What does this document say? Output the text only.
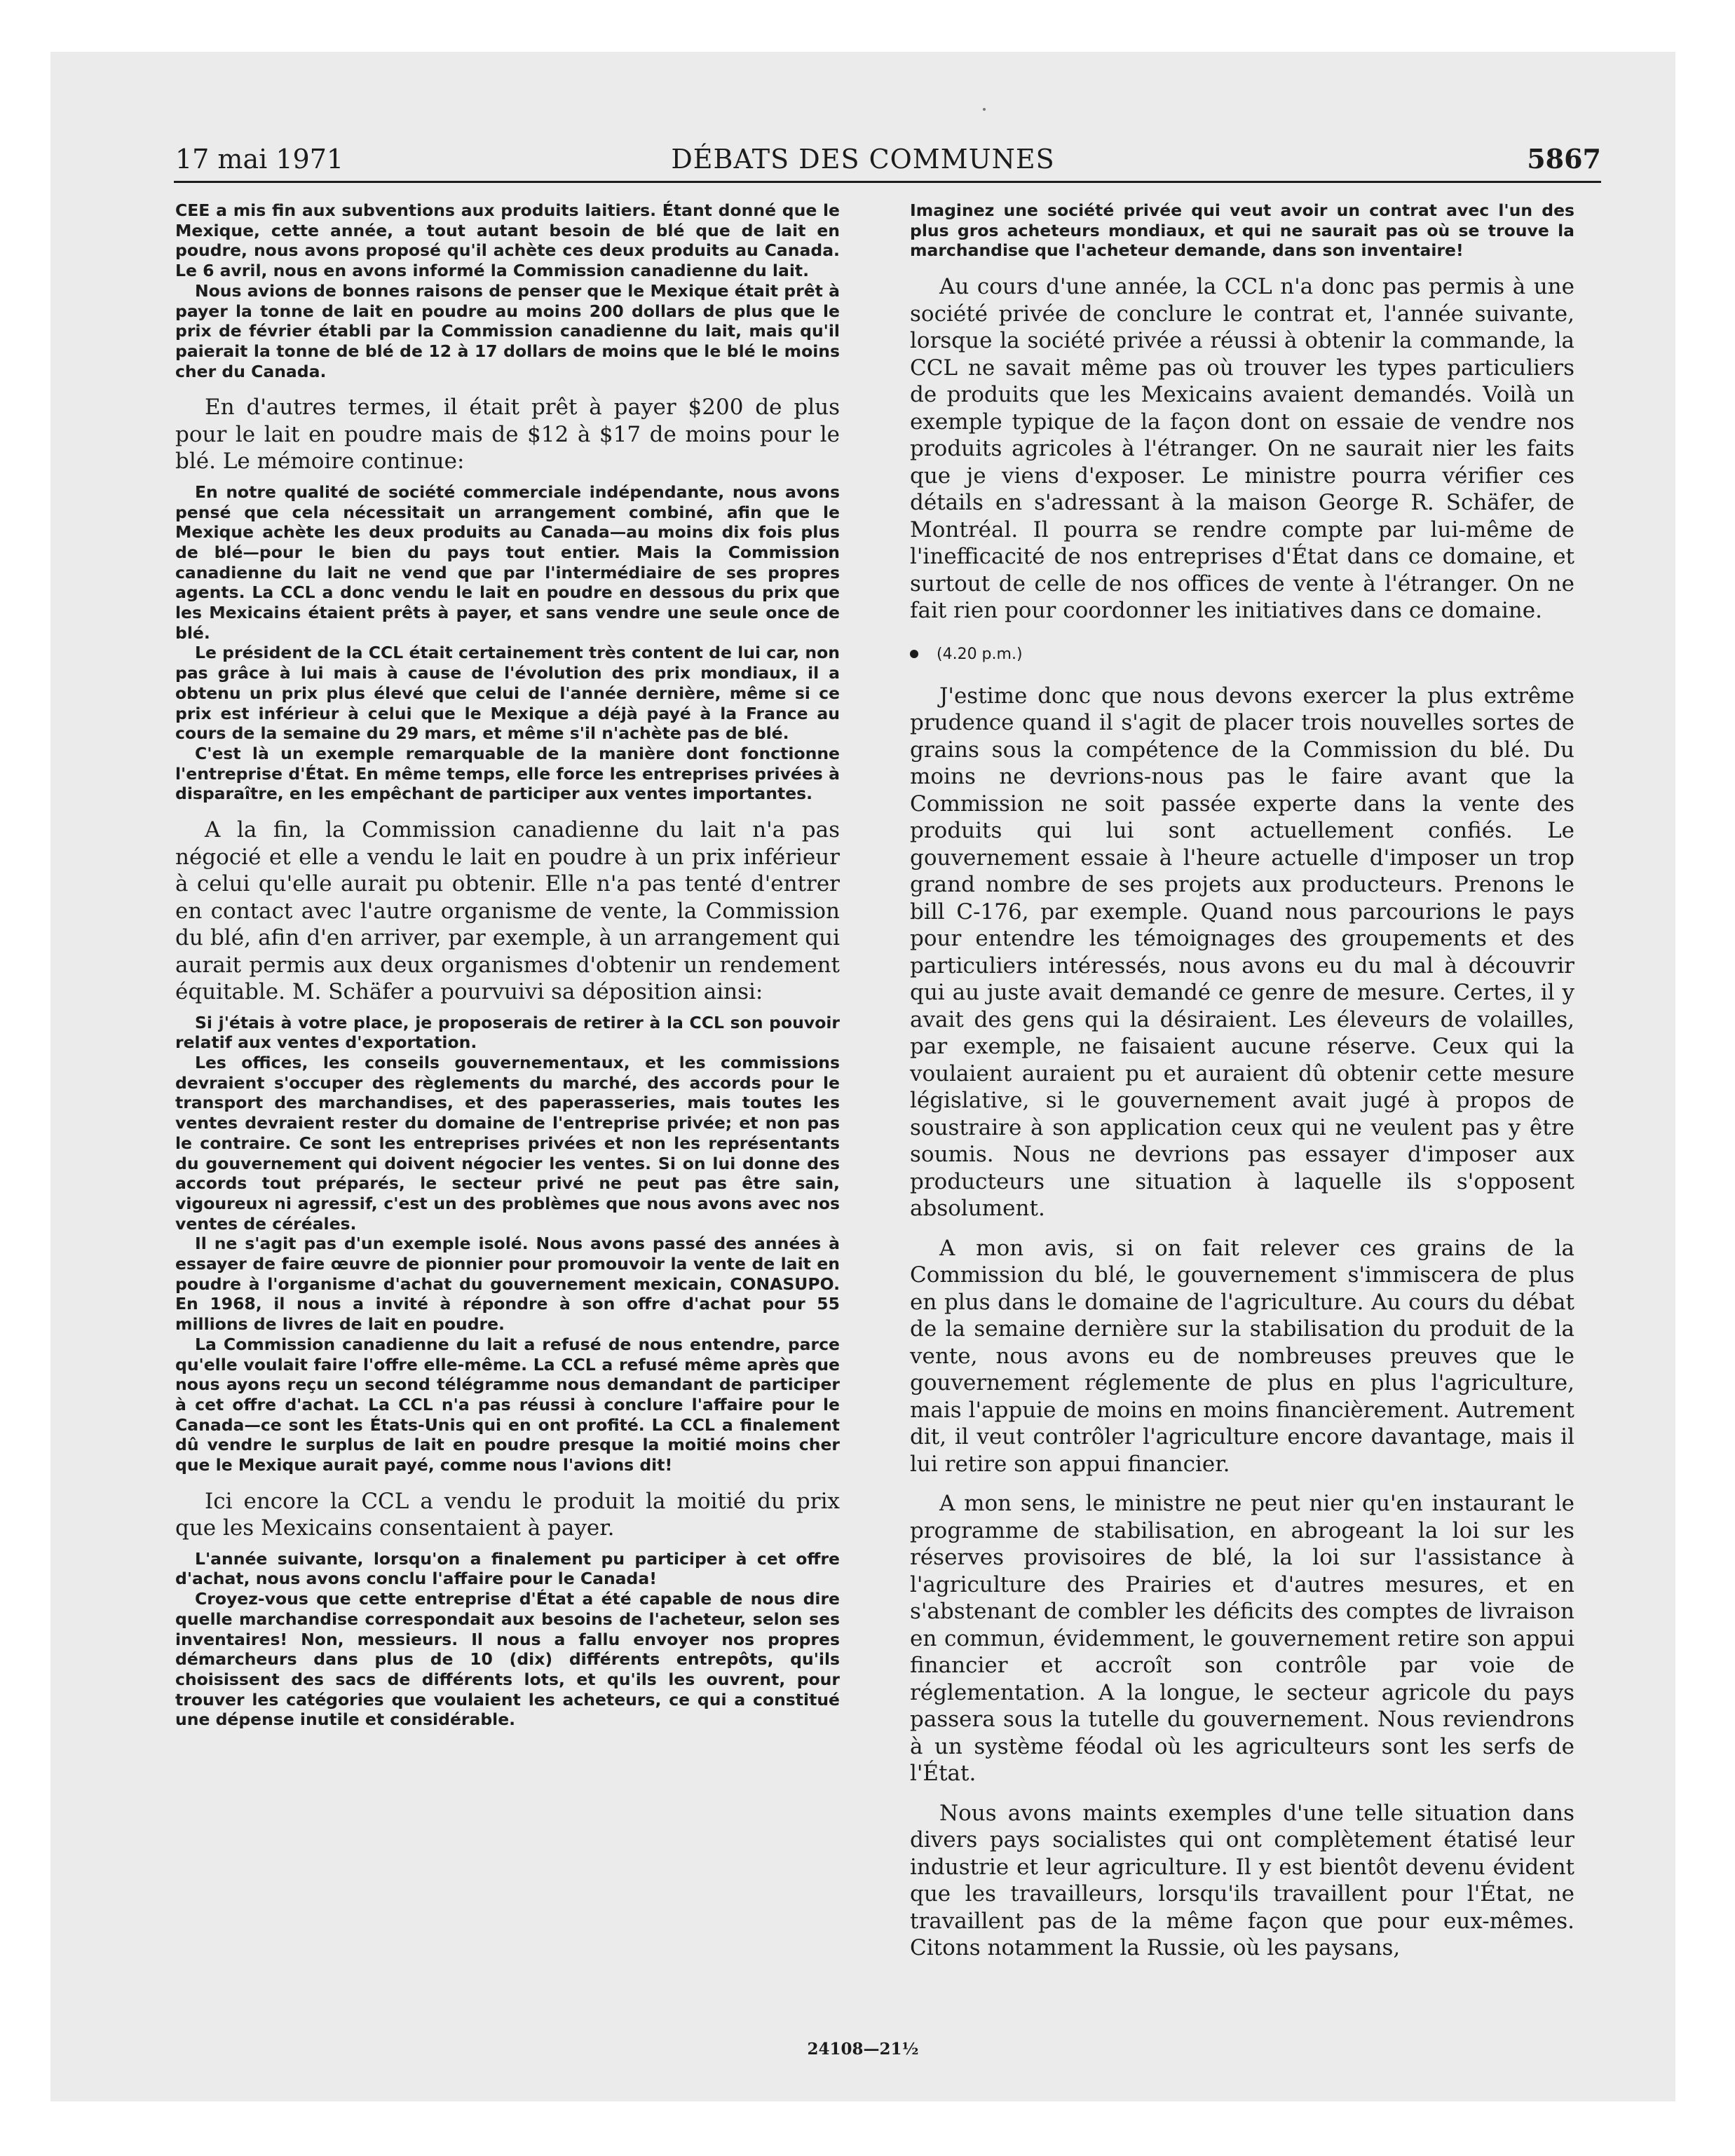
DÉBATS DES COMMUNES
17 mai 1971	5867

CEE a mis fin aux subventions aux produits laitiers. Étant donné que le Mexique, cette année, a tout autant besoin de blé que de lait en poudre, nous avons proposé qu'il achète ces deux produits au Canada. Le 6 avril, nous en avons informé la Commission canadienne du lait.

Nous avions de bonnes raisons de penser que le Mexique était prêt à payer la tonne de lait en poudre au moins 200 dollars de plus que le prix de février établi par la Commission canadienne du lait, mais qu'il paierait la tonne de blé de 12 à 17 dollars de moins que le blé le moins cher du Canada.

En d'autres termes, il était prêt à payer $200 de plus pour le lait en poudre mais de $12 à $17 de moins pour le blé. Le mémoire continue:

En notre qualité de société commerciale indépendante, nous avons pensé que cela nécessitait un arrangement combiné, afin que le Mexique achète les deux produits au Canada—au moins dix fois plus de blé—pour le bien du pays tout entier. Mais la Commission canadienne du lait ne vend que par l'intermédiaire de ses propres agents. La CCL a donc vendu le lait en poudre en dessous du prix que les Mexicains étaient prêts à payer, et sans vendre une seule once de blé.

Le président de la CCL était certainement très content de lui car, non pas grâce à lui mais à cause de l'évolution des prix mondiaux, il a obtenu un prix plus élevé que celui de l'année dernière, même si ce prix est inférieur à celui que le Mexique a déjà payé à la France au cours de la semaine du 29 mars, et même s'il n'achète pas de blé.

C'est là un exemple remarquable de la manière dont fonctionne l'entreprise d'État. En même temps, elle force les entreprises privées à disparaître, en les empêchant de participer aux ventes importantes.

A la fin, la Commission canadienne du lait n'a pas négocié et elle a vendu le lait en poudre à un prix inférieur à celui qu'elle aurait pu obtenir. Elle n'a pas tenté d'entrer en contact avec l'autre organisme de vente, la Commission du blé, afin d'en arriver, par exemple, à un arrangement qui aurait permis aux deux organismes d'obtenir un rendement équitable. M. Schäfer a pourvuivi sa déposition ainsi:

Si j'étais à votre place, je proposerais de retirer à la CCL son pouvoir relatif aux ventes d'exportation.

Les offices, les conseils gouvernementaux, et les commissions devraient s'occuper des règlements du marché, des accords pour le transport des marchandises, et des paperasseries, mais toutes les ventes devraient rester du domaine de l'entreprise privée; et non pas le contraire. Ce sont les entreprises privées et non les représentants du gouvernement qui doivent négocier les ventes. Si on lui donne des accords tout préparés, le secteur privé ne peut pas être sain, vigoureux ni agressif, c'est un des problèmes que nous avons avec nos ventes de céréales.

Il ne s'agit pas d'un exemple isolé. Nous avons passé des années à essayer de faire œuvre de pionnier pour promouvoir la vente de lait en poudre à l'organisme d'achat du gouvernement mexicain, CONASUPO. En 1968, il nous a invité à répondre à son offre d'achat pour 55 millions de livres de lait en poudre.

La Commission canadienne du lait a refusé de nous entendre, parce qu'elle voulait faire l'offre elle-même. La CCL a refusé même après que nous ayons reçu un second télégramme nous demandant de participer à cet offre d'achat. La CCL n'a pas réussi à conclure l'affaire pour le Canada—ce sont les États-Unis qui en ont profité. La CCL a finalement dû vendre le surplus de lait en poudre presque la moitié moins cher que le Mexique aurait payé, comme nous l'avions dit!

Ici encore la CCL a vendu le produit la moitié du prix que les Mexicains consentaient à payer.

L'année suivante, lorsqu'on a finalement pu participer à cet offre d'achat, nous avons conclu l'affaire pour le Canada!

Croyez-vous que cette entreprise d'État a été capable de nous dire quelle marchandise correspondait aux besoins de l'acheteur, selon ses inventaires! Non, messieurs. Il nous a fallu envoyer nos propres démarcheurs dans plus de 10 (dix) différents entrepôts, qu'ils choisissent des sacs de différents lots, et qu'ils les ouvrent, pour trouver les catégories que voulaient les acheteurs, ce qui a constitué une dépense inutile et considérable.

Imaginez une société privée qui veut avoir un contrat avec l'un des plus gros acheteurs mondiaux, et qui ne saurait pas où se trouve la marchandise que l'acheteur demande, dans son inventaire!

Au cours d'une année, la CCL n'a donc pas permis à une société privée de conclure le contrat et, l'année suivante, lorsque la société privée a réussi à obtenir la commande, la CCL ne savait même pas où trouver les types particuliers de produits que les Mexicains avaient demandés. Voilà un exemple typique de la façon dont on essaie de vendre nos produits agricoles à l'étranger. On ne saurait nier les faits que je viens d'exposer. Le ministre pourra vérifier ces détails en s'adressant à la maison George R. Schäfer, de Montréal. Il pourra se rendre compte par lui-même de l'inefficacité de nos entreprises d'État dans ce domaine, et surtout de celle de nos offices de vente à l'étranger. On ne fait rien pour coordonner les initiatives dans ce domaine.

(4.20 p.m.)

J'estime donc que nous devons exercer la plus extrême prudence quand il s'agit de placer trois nouvelles sortes de grains sous la compétence de la Commission du blé. Du moins ne devrions-nous pas le faire avant que la Commission ne soit passée experte dans la vente des produits qui lui sont actuellement confiés. Le gouvernement essaie à l'heure actuelle d'imposer un trop grand nombre de ses projets aux producteurs. Prenons le bill C-176, par exemple. Quand nous parcourions le pays pour entendre les témoignages des groupements et des particuliers intéressés, nous avons eu du mal à découvrir qui au juste avait demandé ce genre de mesure. Certes, il y avait des gens qui la désiraient. Les éleveurs de volailles, par exemple, ne faisaient aucune réserve. Ceux qui la voulaient auraient pu et auraient dû obtenir cette mesure législative, si le gouvernement avait jugé à propos de soustraire à son application ceux qui ne veulent pas y être soumis. Nous ne devrions pas essayer d'imposer aux producteurs une situation à laquelle ils s'opposent absolument.

A mon avis, si on fait relever ces grains de la Commission du blé, le gouvernement s'immiscera de plus en plus dans le domaine de l'agriculture. Au cours du débat de la semaine dernière sur la stabilisation du produit de la vente, nous avons eu de nombreuses preuves que le gouvernement réglemente de plus en plus l'agriculture, mais l'appuie de moins en moins financièrement. Autrement dit, il veut contrôler l'agriculture encore davantage, mais il lui retire son appui financier.

A mon sens, le ministre ne peut nier qu'en instaurant le programme de stabilisation, en abrogeant la loi sur les réserves provisoires de blé, la loi sur l'assistance à l'agriculture des Prairies et d'autres mesures, et en s'abstenant de combler les déficits des comptes de livraison en commun, évidemment, le gouvernement retire son appui financier et accroît son contrôle par voie de réglementation. A la longue, le secteur agricole du pays passera sous la tutelle du gouvernement. Nous reviendrons à un système féodal où les agriculteurs sont les serfs de l'État.

Nous avons maints exemples d'une telle situation dans divers pays socialistes qui ont complètement étatisé leur industrie et leur agriculture. Il y est bientôt devenu évident que les travailleurs, lorsqu'ils travaillent pour l'État, ne travaillent pas de la même façon que pour eux-mêmes. Citons notamment la Russie, où les paysans,

24108—21½
